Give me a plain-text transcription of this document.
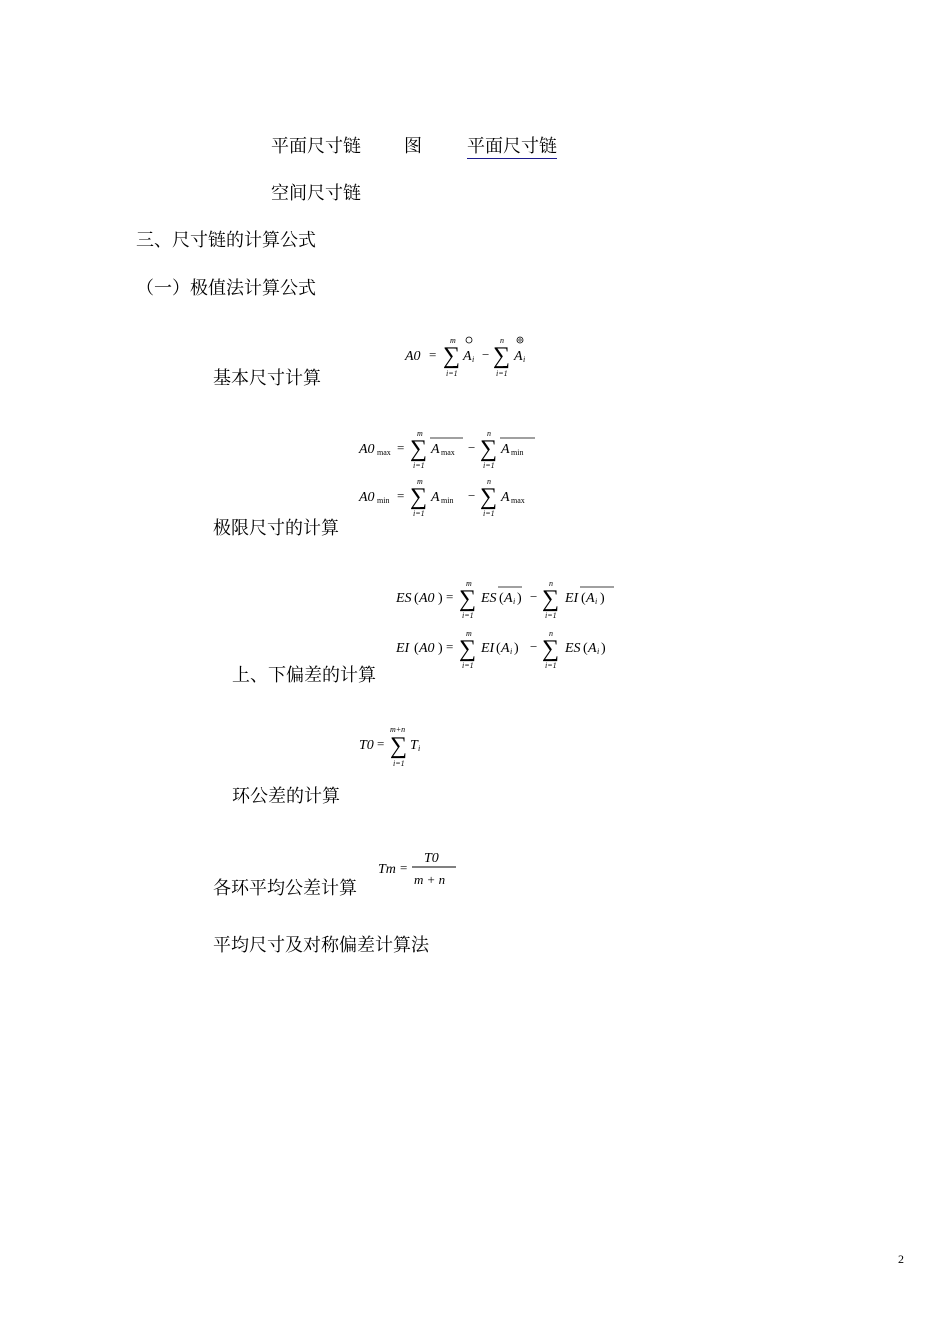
平面尺寸链 图	平面尺寸链
空间尺寸链
三、尺寸链的计算公式
（一）极值法计算公式
基本尺寸计算
极限尺寸的计算
上、下偏差的计算
环公差的计算
各环平均公差计算
平均尺寸及对称偏差计算法
A0 = ∑
m
i=1
A i − ∑
n
i=1
A i
A0 max = ∑
m
i=1
A max − ∑
n
i=1
A min
A0 min = ∑
m
i=1
A min − ∑
n
i=1
A max
ES ( A0 ) = ∑
m
i=1
ES ( A i ) − ∑
n
i=1
EI ( A i )
EI ( A0 ) = ∑
m
i=1
EI ( A i ) − ∑
n
i=1
ES ( A i )
T0 = ∑
m+n
i=1
T i
Tm =
T0
m + n
2
